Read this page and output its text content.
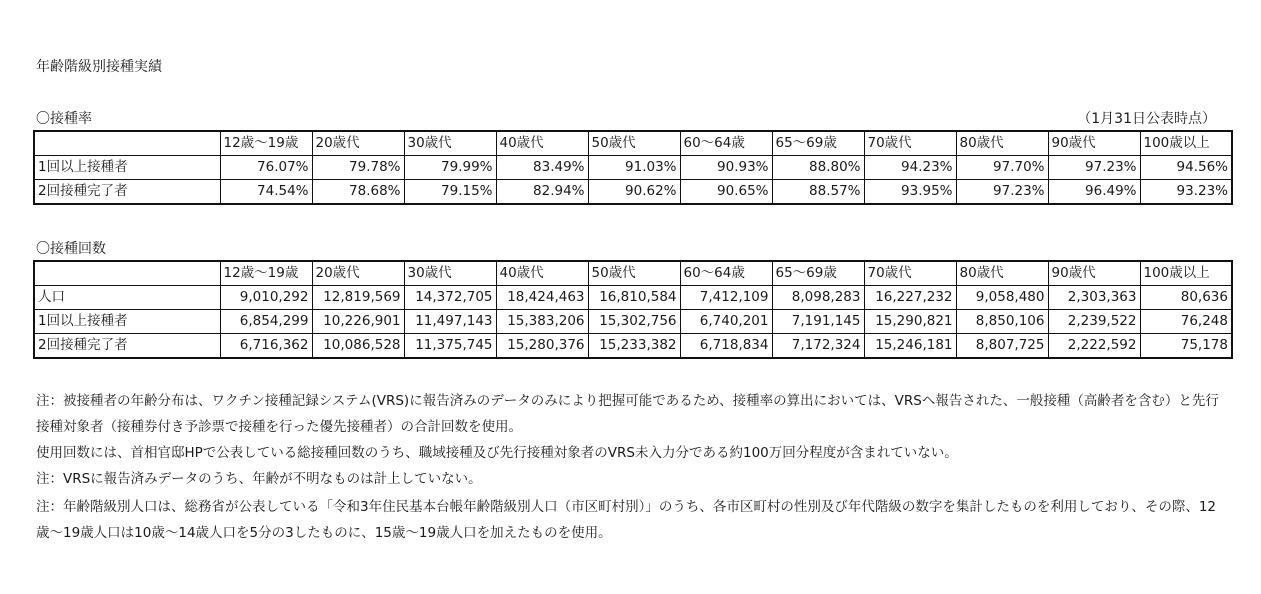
年齢階級別接種実績
〇接種率	（1月31日公表時点）
	12歳〜19歳	20歳代	30歳代	40歳代	50歳代	60〜64歳	65〜69歳	70歳代	80歳代	90歳代	100歳以上
1回以上接種者	76.07%	79.78%	79.99%	83.49%	91.03%	90.93%	88.80%	94.23%	97.70%	97.23%	94.56%
2回接種完了者	74.54%	78.68%	79.15%	82.94%	90.62%	90.65%	88.57%	93.95%	97.23%	96.49%	93.23%
〇接種回数
	12歳〜19歳	20歳代	30歳代	40歳代	50歳代	60〜64歳	65〜69歳	70歳代	80歳代	90歳代	100歳以上
人口	9,010,292	12,819,569	14,372,705	18,424,463	16,810,584	7,412,109	8,098,283	16,227,232	9,058,480	2,303,363	80,636
1回以上接種者	6,854,299	10,226,901	11,497,143	15,383,206	15,302,756	6,740,201	7,191,145	15,290,821	8,850,106	2,239,522	76,248
2回接種完了者	6,716,362	10,086,528	11,375,745	15,280,376	15,233,382	6,718,834	7,172,324	15,246,181	8,807,725	2,222,592	75,178

注：被接種者の年齢分布は、ワクチン接種記録システム(VRS)に報告済みのデータのみにより把握可能であるため、接種率の算出においては、VRSへ報告された、一般接種（高齢者を含む）と先行接種対象者（接種券付き予診票で接種を行った優先接種者）の合計回数を使用。

使用回数には、首相官邸HPで公表している総接種回数のうち、職域接種及び先行接種対象者のVRS未入力分である約100万回分程度が含まれていない。

注：VRSに報告済みデータのうち、年齢が不明なものは計上していない。

注：年齢階級別人口は、総務省が公表している「令和3年住民基本台帳年齢階級別人口（市区町村別）」のうち、各市区町村の性別及び年代階級の数字を集計したものを利用しており、その際、12歳〜19歳人口は10歳〜14歳人口を5分の3したものに、15歳〜19歳人口を加えたものを使用。
